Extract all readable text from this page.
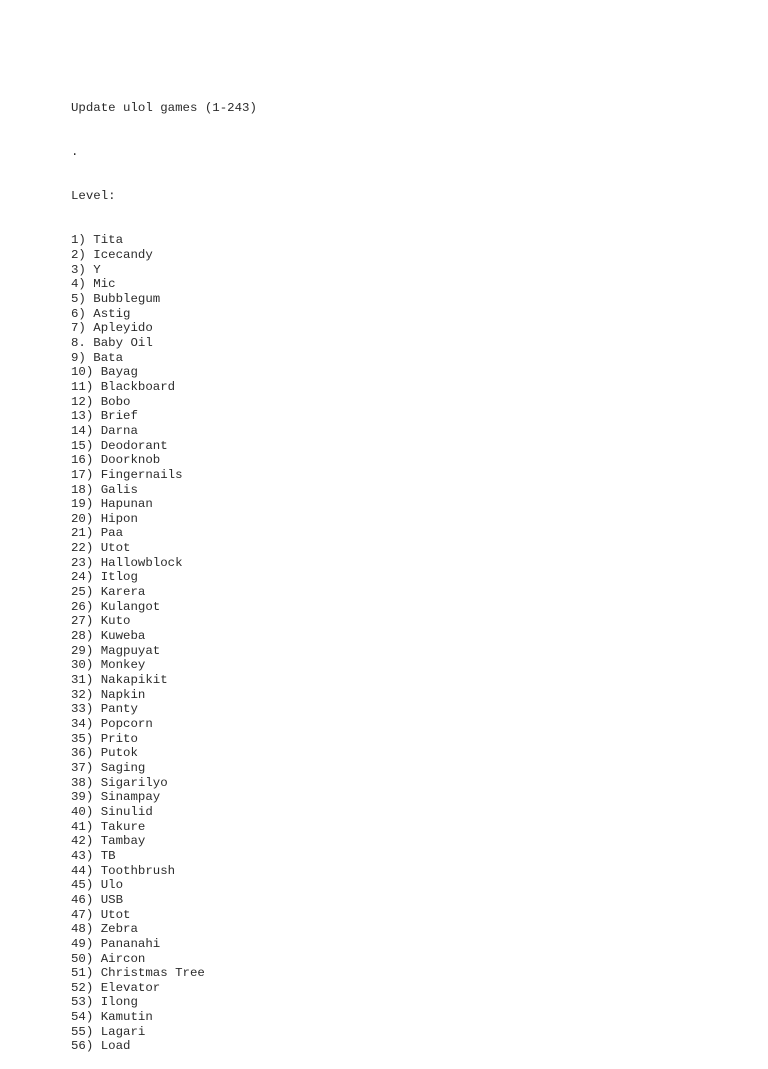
Update ulol games (1-243)

.

Level:

1) Tita
2) Icecandy
3) Y
4) Mic
5) Bubblegum
6) Astig
7) Apleyido
8. Baby Oil
9) Bata
10) Bayag
11) Blackboard
12) Bobo
13) Brief
14) Darna
15) Deodorant
16) Doorknob
17) Fingernails
18) Galis
19) Hapunan
20) Hipon
21) Paa
22) Utot
23) Hallowblock
24) Itlog
25) Karera
26) Kulangot
27) Kuto
28) Kuweba
29) Magpuyat
30) Monkey
31) Nakapikit
32) Napkin
33) Panty
34) Popcorn
35) Prito
36) Putok
37) Saging
38) Sigarilyo
39) Sinampay
40) Sinulid
41) Takure
42) Tambay
43) TB
44) Toothbrush
45) Ulo
46) USB
47) Utot
48) Zebra
49) Pananahi
50) Aircon
51) Christmas Tree
52) Elevator
53) Ilong
54) Kamutin
55) Lagari
56) Load
